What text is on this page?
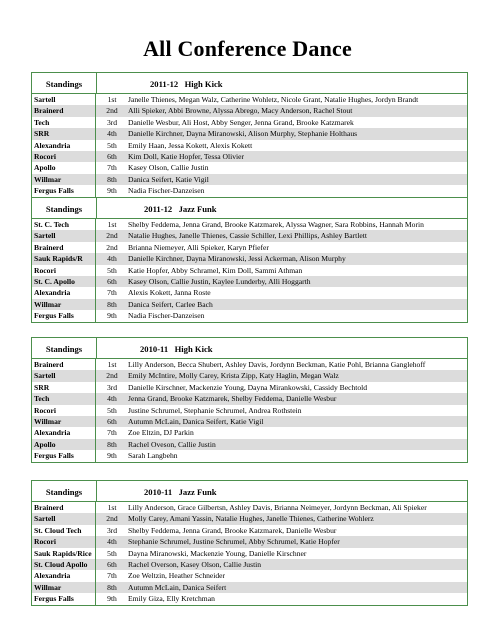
All Conference Dance
Standings	2011-12   High Kick
Sartell	1st	Janelle Thienes, Megan Walz, Catherine Wohletz, Nicole Grant, Natalie Hughes, Jordyn Brandt
Brainerd	2nd	Alli Spieker, Abbi Browne, Alyssa Abrego, Macy Anderson, Rachel Stout
Tech	3rd	Danielle Wesbur, Ali Host, Abby Senger, Jenna Grand, Brooke Katzmarek
SRR	4th	Danielle Kirchner, Dayna Miranowski, Alison Murphy, Stephanie Holthaus
Alexandria	5th	Emily Haan, Jessa Kokett, Alexis Kokett
Rocori	6th	Kim Doll, Katie Hopfer, Tessa Olivier
Apollo	7th	Kasey Olson, Callie Justin
Willmar	8th	Danica Seifert, Katie Vigil
Fergus Falls	9th	Nadia Fischer-Danzeisen
Standings	2011-12   Jazz Funk
St. C. Tech	1st	Shelby Feddema, Jenna Grand, Brooke Katzmarek, Alyssa Wagner, Sara Robbins, Hannah Morin
Sartell	2nd	Natalie Hughes, Janelle Thienes, Cassie Schiller, Lexi Phillips, Ashley Bartlett
Brainerd	2nd	Brianna Niemeyer, Alli Spieker, Karyn Pfiefer
Sauk Rapids/R	4th	Danielle Kirchner, Dayna Miranowski, Jessi Ackerman, Alison Murphy
Rocori	5th	Katie Hopfer, Abby Schramel, Kim Doll, Sammi Athman
St. C. Apollo	6th	Kasey Olson, Callie Justin, Kaylee Lunderby, Alli Hoggarth
Alexandria	7th	Alexis Kokett, Janna Roste
Willmar	8th	Danica Seifert, Carlee Bach
Fergus Falls	9th	Nadia Fischer-Danzeisen
Standings	2010-11   High Kick
Brainerd	1st	Lilly Anderson, Becca Shubert, Ashley Davis, Jordynn Beckman, Katie Pohl, Brianna Ganglehoff
Sartell	2nd	Emily McIntire, Molly Carey, Krista Zipp, Katy Haglin, Megan Walz
SRR	3rd	Danielle Kirschner, Mackenzie Young, Dayna Mirankowski, Cassidy Bechtold
Tech	4th	Jenna Grand, Brooke Katzmarek, Shelby Feddema, Danielle Wesbur
Rocori	5th	Justine Schrumel, Stephanie Schrumel, Andrea Rothstein
Willmar	6th	Autumn McLain, Danica Seifert, Katie Vigil
Alexandria	7th	Zoe Eltzin, DJ Parkin
Apollo	8th	Rachel Oveson, Callie Justin
Fergus Falls	9th	Sarah Langbehn
Standings	2010-11   Jazz Funk
Brainerd	1st	Lilly Anderson, Grace Gilbertsn, Ashley Davis, Brianna Neimeyer, Jordynn Beckman, Ali Spieker
Sartell	2nd	Molly Carey, Amani Yassin, Natalie Hughes, Janelle Thienes, Catherine Wohlerz
St. Cloud Tech	3rd	Shelby Feddema, Jenna Grand, Brooke Katzmarek, Danielle Wesbur
Rocori	4th	Stephanie Schrumel, Justine Schrumel, Abby Schrumel, Katie Hopfer
Sauk Rapids/Rice	5th	Dayna Miranowski, Mackenzie Young, Danielle Kirschner
St. Cloud Apollo	6th	Rachel Overson, Kasey Olson, Callie Justin
Alexandria	7th	Zoe Weltzin, Heather Schneider
Willmar	8th	Autumn McLain, Danica Seifert
Fergus Falls	9th	Emily Giza, Elly Kretchman
